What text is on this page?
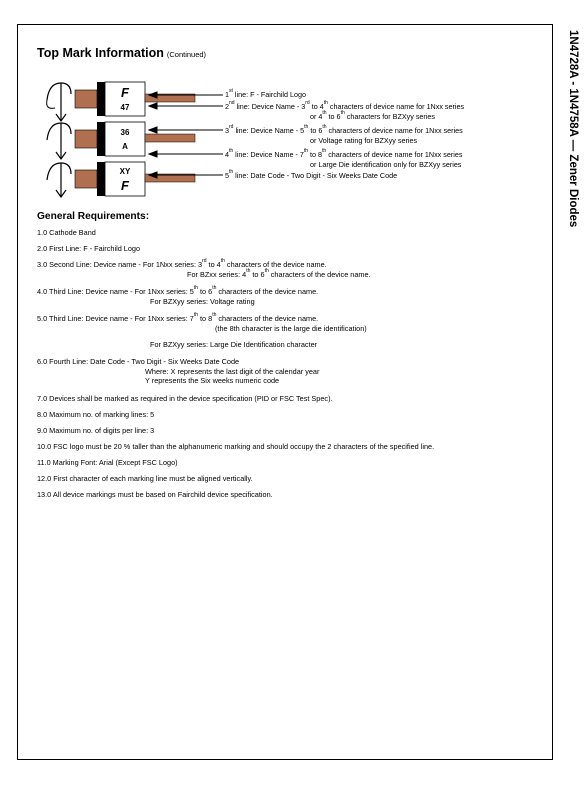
1N4728A - 1N4758A — Zener Diodes
Top Mark Information (Continued)
F
47
36
A
XY
F
1st line: F - Fairchild Logo
2nd line: Device Name - 3rd to 4th characters of device name for 1Nxx series
or 4th to 6th characters for BZXyy series
3rd line: Device Name - 5th to 6th characters of device name for 1Nxx series
or Voltage rating for BZXyy series
4th line: Device Name - 7th to 8th characters of device name for 1Nxx series
or Large Die identification only for BZXyy series
5th line: Date Code - Two Digit - Six Weeks Date Code
General Requirements:
1.0 Cathode Band
2.0 First Line: F - Fairchild Logo
3.0 Second Line: Device name - For 1Nxx series: 3rd to 4th characters of the device name.
For BZxx series: 4th to 6th characters of the device name.
4.0 Third Line: Device name - For 1Nxx series: 5th to 6th characters of the device name.
For BZXyy series: Voltage rating
5.0 Third Line: Device name - For 1Nxx series: 7th to 8th characters of the device name.
(the 8th character is the large die identification)
For BZXyy series: Large Die Identification character
6.0 Fourth Line: Date Code - Two Digit - Six Weeks Date Code
Where: X represents the last digit of the calendar year
Y represents the Six weeks numeric code
7.0 Devices shall be marked as required in the device specification (PID or FSC Test Spec).
8.0 Maximum no. of marking lines: 5
9.0 Maximum no. of digits per line: 3
10.0 FSC logo must be 20 % taller than the alphanumeric marking and should occupy the 2 characters of the specified line.
11.0 Marking Font: Arial (Except FSC Logo)
12.0 First character of each marking line must be aligned vertically.
13.0 All device markings must be based on Fairchild device specification.
